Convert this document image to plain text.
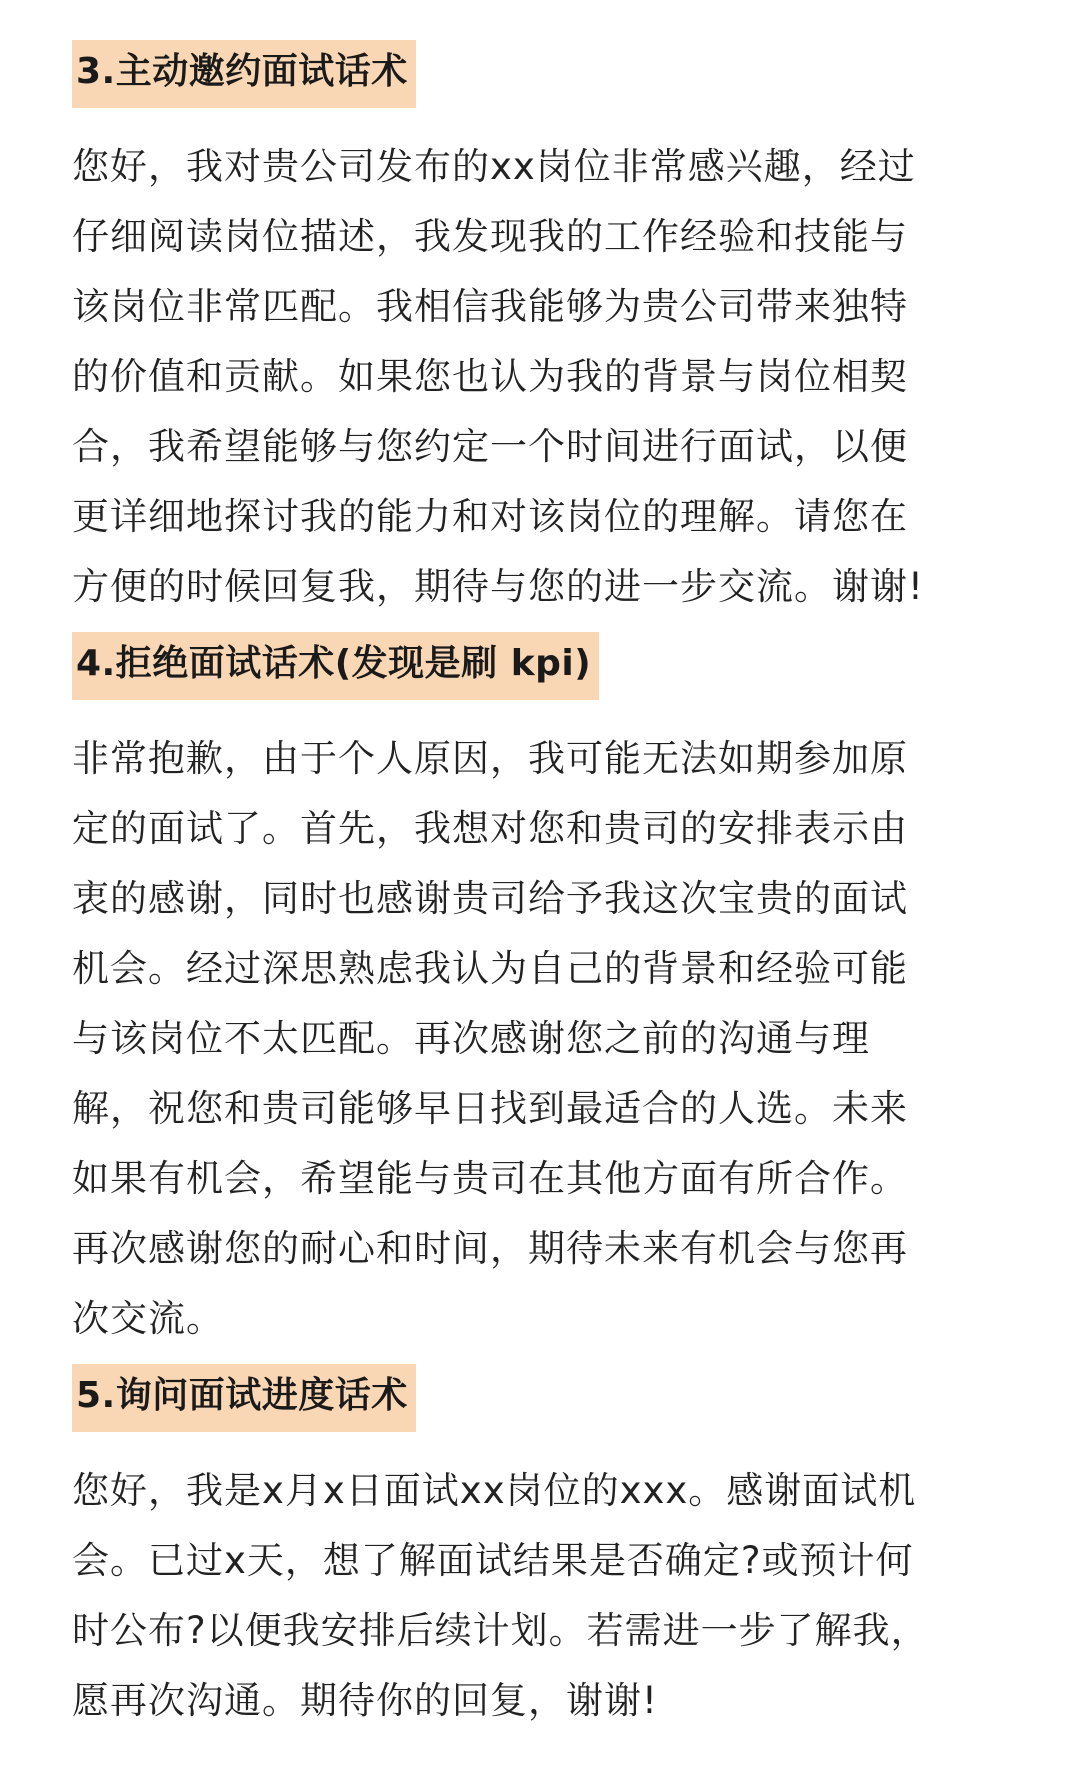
3.主动邀约面试话术

您好，我对贵公司发布的xx岗位非常感兴趣，经过
仔细阅读岗位描述，我发现我的工作经验和技能与
该岗位非常匹配。我相信我能够为贵公司带来独特
的价值和贡献。如果您也认为我的背景与岗位相契
合，我希望能够与您约定一个时间进行面试，以便
更详细地探讨我的能力和对该岗位的理解。请您在
方便的时候回复我，期待与您的进一步交流。谢谢!

4.拒绝面试话术(发现是刷 kpi)

非常抱歉，由于个人原因，我可能无法如期参加原
定的面试了。首先，我想对您和贵司的安排表示由
衷的感谢，同时也感谢贵司给予我这次宝贵的面试
机会。经过深思熟虑我认为自己的背景和经验可能
与该岗位不太匹配。再次感谢您之前的沟通与理
解，祝您和贵司能够早日找到最适合的人选。未来
如果有机会，希望能与贵司在其他方面有所合作。
再次感谢您的耐心和时间，期待未来有机会与您再
次交流。

5.询问面试进度话术

您好，我是x月x日面试xx岗位的xxx。感谢面试机
会。已过x天，想了解面试结果是否确定?或预计何
时公布?以便我安排后续计划。若需进一步了解我，
愿再次沟通。期待你的回复，谢谢!
